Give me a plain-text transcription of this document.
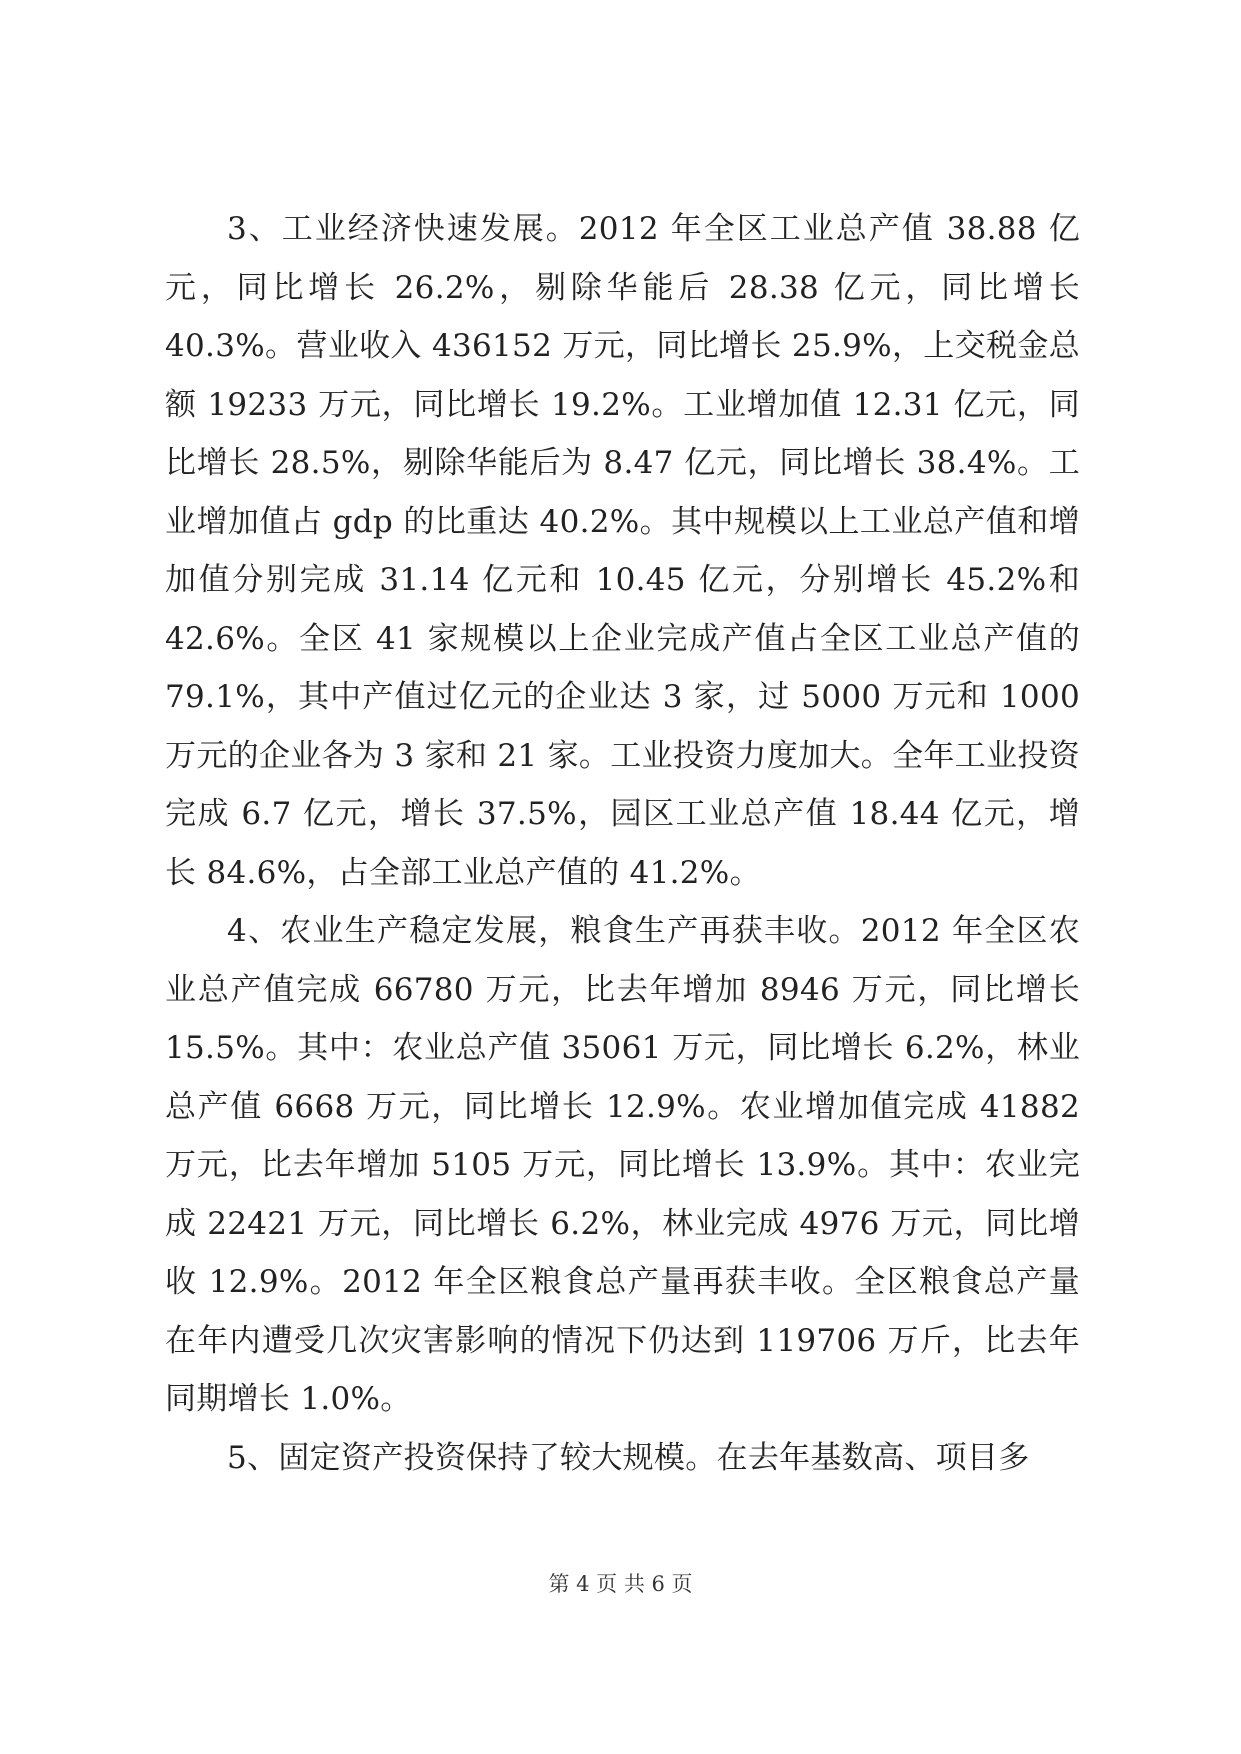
3、工业经济快速发展。2012 年全区工业总产值 38.88 亿元，同比增长 26.2%，剔除华能后 28.38 亿元，同比增长 40.3%。营业收入 436152 万元，同比增长 25.9%，上交税金总额 19233 万元，同比增长 19.2%。工业增加值 12.31 亿元，同比增长 28.5%，剔除华能后为 8.47 亿元，同比增长 38.4%。工业增加值占 gdp 的比重达 40.2%。其中规模以上工业总产值和增加值分别完成 31.14 亿元和 10.45 亿元，分别增长 45.2%和 42.6%。全区 41 家规模以上企业完成产值占全区工业总产值的 79.1%，其中产值过亿元的企业达 3 家，过 5000 万元和 1000 万元的企业各为 3 家和 21 家。工业投资力度加大。全年工业投资完成 6.7 亿元，增长 37.5%，园区工业总产值 18.44 亿元，增长 84.6%，占全部工业总产值的 41.2%。

4、农业生产稳定发展，粮食生产再获丰收。2012 年全区农业总产值完成 66780 万元，比去年增加 8946 万元，同比增长 15.5%。其中：农业总产值 35061 万元，同比增长 6.2%，林业总产值 6668 万元，同比增长 12.9%。农业增加值完成 41882 万元，比去年增加 5105 万元，同比增长 13.9%。其中：农业完成 22421 万元，同比增长 6.2%，林业完成 4976 万元，同比增收 12.9%。2012 年全区粮食总产量再获丰收。全区粮食总产量在年内遭受几次灾害影响的情况下仍达到 119706 万斤，比去年同期增长 1.0%。

5、固定资产投资保持了较大规模。在去年基数高、项目多

第 4 页 共 6 页
